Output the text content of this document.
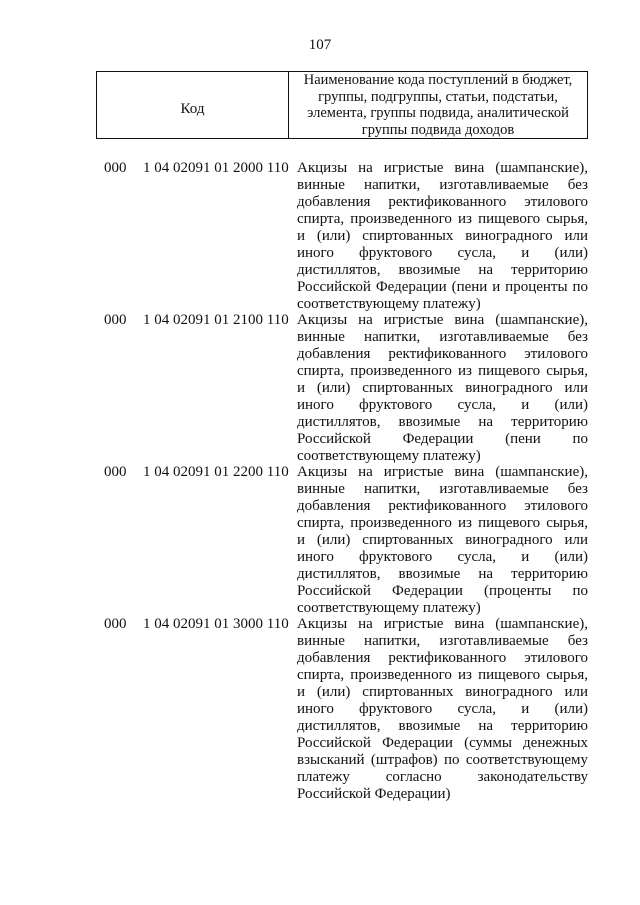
107
Код
Наименование кода поступлений в бюджет, группы, подгруппы, статьи, подстатьи, элемента, группы подвида, аналитической группы подвида доходов
000 1 04 02091 01 2000 110 Акцизы на игристые вина (шампанские), винные напитки, изготавливаемые без добавления ректификованного этилового спирта, произведенного из пищевого сырья, и (или) спиртованных виноградного или иного фруктового сусла, и (или) дистиллятов, ввозимые на территорию Российской Федерации (пени и проценты по соответствующему платежу)
000 1 04 02091 01 2100 110 Акцизы на игристые вина (шампанские), винные напитки, изготавливаемые без добавления ректификованного этилового спирта, произведенного из пищевого сырья, и (или) спиртованных виноградного или иного фруктового сусла, и (или) дистиллятов, ввозимые на территорию Российской Федерации (пени по соответствующему платежу)
000 1 04 02091 01 2200 110 Акцизы на игристые вина (шампанские), винные напитки, изготавливаемые без добавления ректификованного этилового спирта, произведенного из пищевого сырья, и (или) спиртованных виноградного или иного фруктового сусла, и (или) дистиллятов, ввозимые на территорию Российской Федерации (проценты по соответствующему платежу)
000 1 04 02091 01 3000 110 Акцизы на игристые вина (шампанские), винные напитки, изготавливаемые без добавления ректификованного этилового спирта, произведенного из пищевого сырья, и (или) спиртованных виноградного или иного фруктового сусла, и (или) дистиллятов, ввозимые на территорию Российской Федерации (суммы денежных взысканий (штрафов) по соответствующему платежу согласно законодательству Российской Федерации)
